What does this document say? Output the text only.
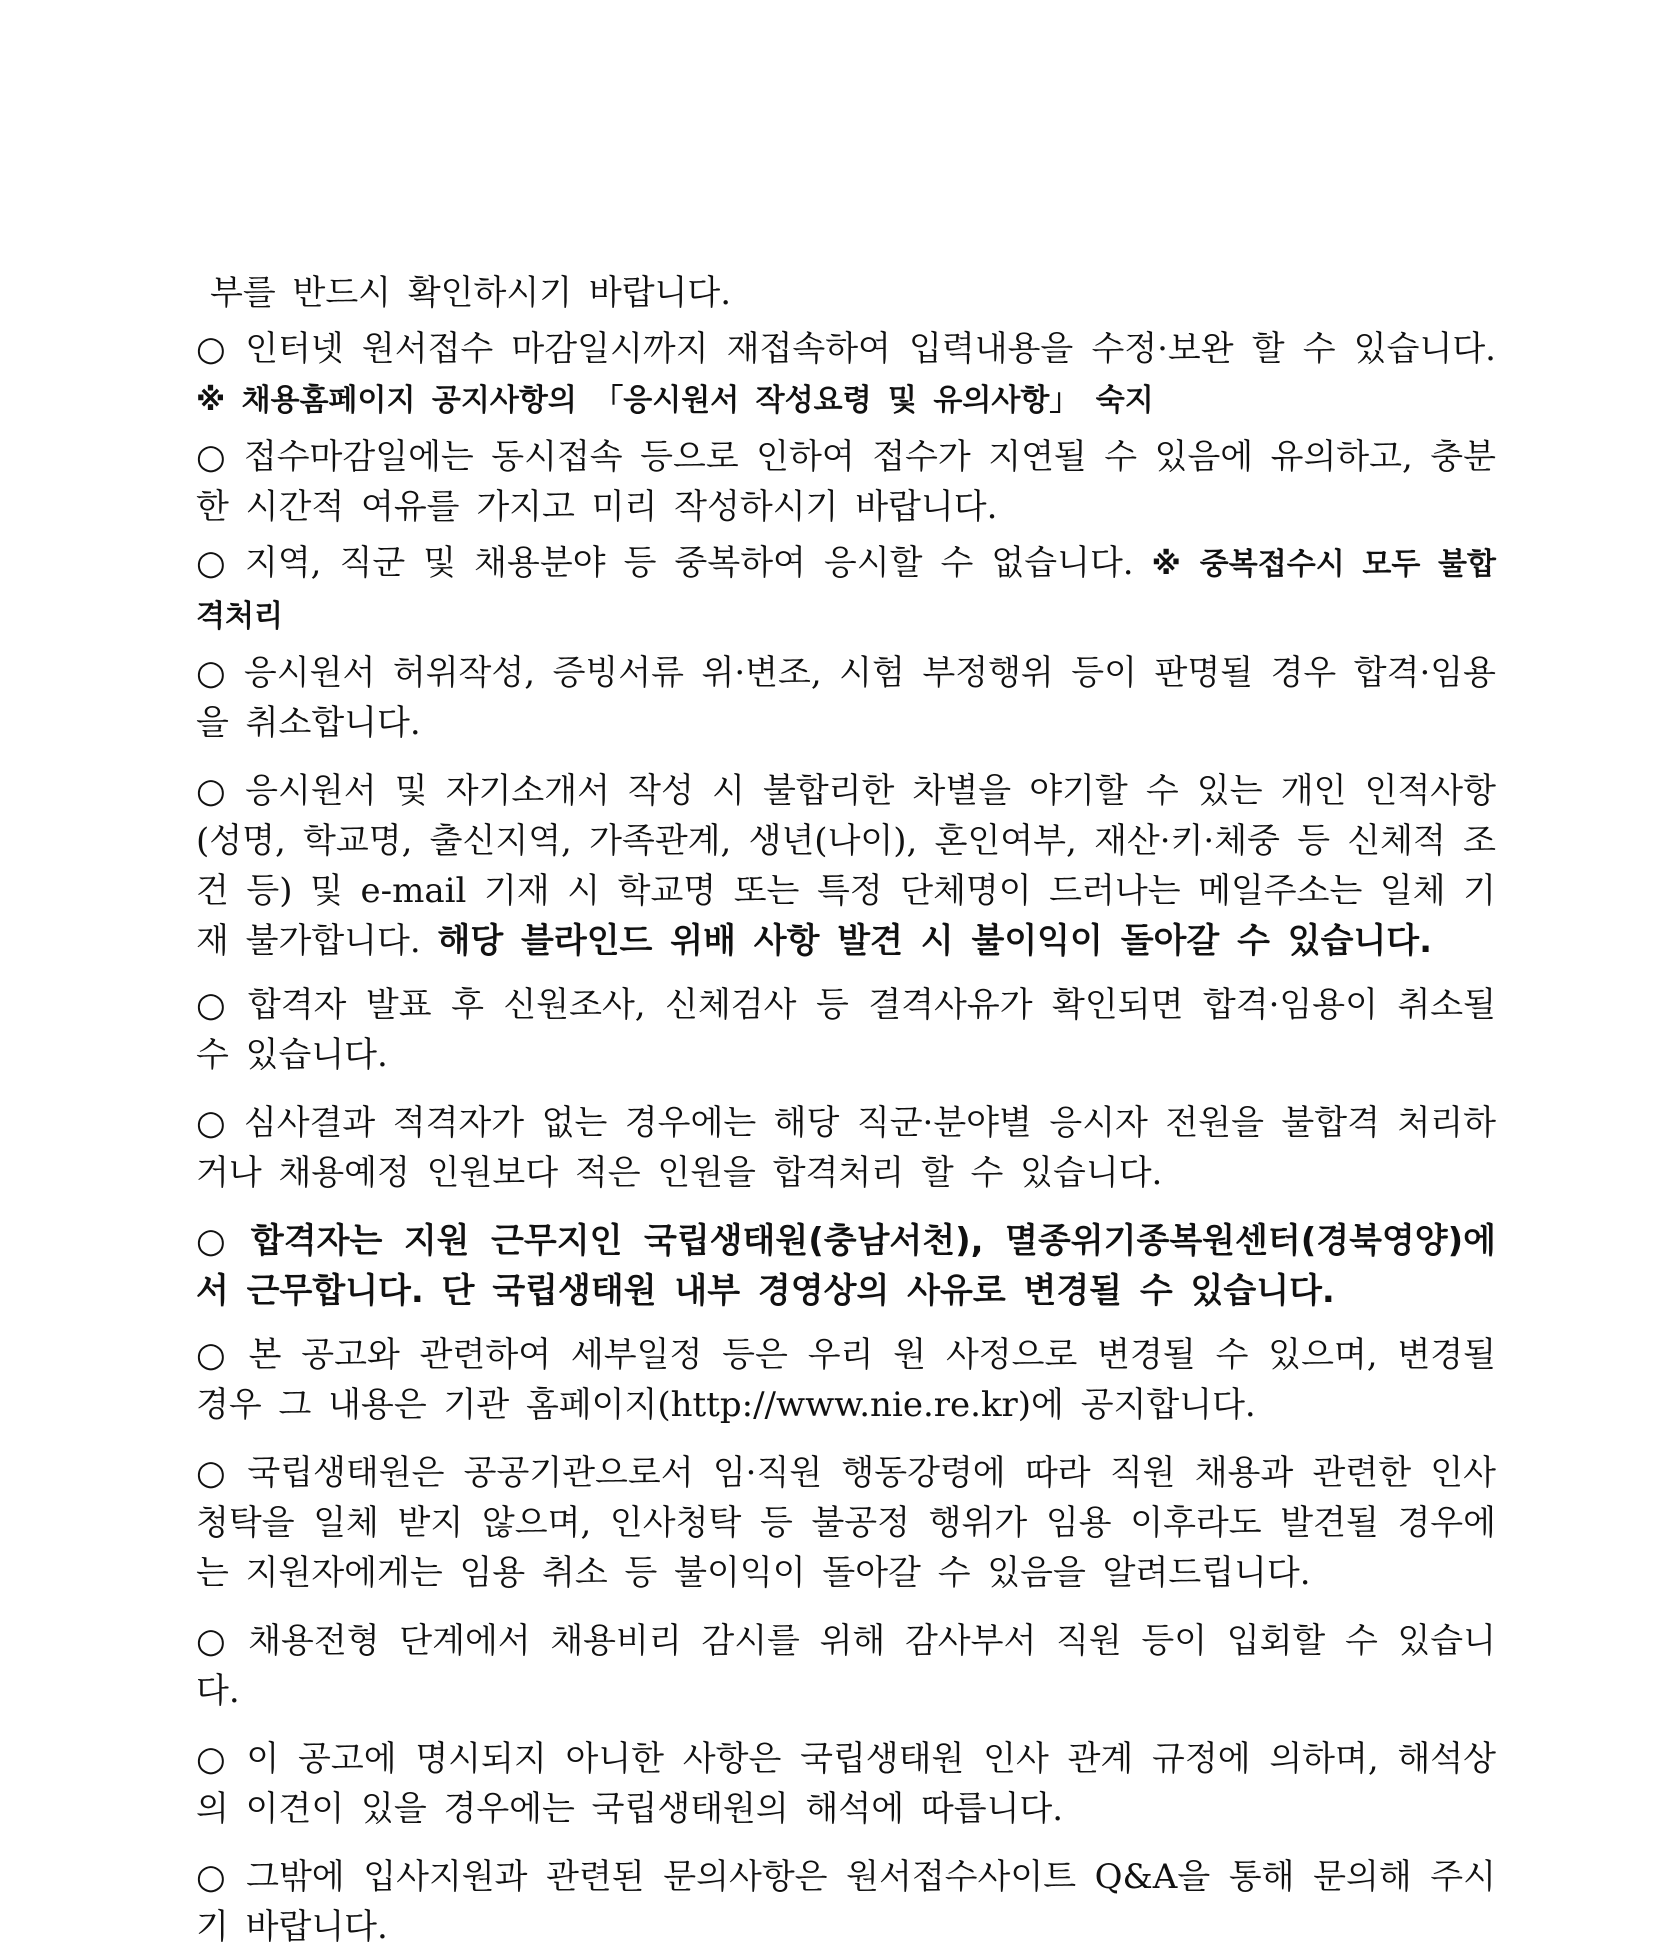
부를 반드시 확인하시기 바랍니다.

○ 인터넷 원서접수 마감일시까지 재접속하여 입력내용을 수정·보완 할 수 있습니다. ※ 채용홈페이지 공지사항의 「응시원서 작성요령 및 유의사항」 숙지

○ 접수마감일에는 동시접속 등으로 인하여 접수가 지연될 수 있음에 유의하고, 충분한 시간적 여유를 가지고 미리 작성하시기 바랍니다.

○ 지역, 직군 및 채용분야 등 중복하여 응시할 수 없습니다. ※ 중복접수시 모두 불합격처리

○ 응시원서 허위작성, 증빙서류 위·변조, 시험 부정행위 등이 판명될 경우 합격·임용을 취소합니다.

○ 응시원서 및 자기소개서 작성 시 불합리한 차별을 야기할 수 있는 개인 인적사항(성명, 학교명, 출신지역, 가족관계, 생년(나이), 혼인여부, 재산·키·체중 등 신체적 조건 등) 및 e-mail 기재 시 학교명 또는 특정 단체명이 드러나는 메일주소는 일체 기재 불가합니다. 해당 블라인드 위배 사항 발견 시 불이익이 돌아갈 수 있습니다.

○ 합격자 발표 후 신원조사, 신체검사 등 결격사유가 확인되면 합격·임용이 취소될 수 있습니다.

○ 심사결과 적격자가 없는 경우에는 해당 직군·분야별 응시자 전원을 불합격 처리하거나 채용예정 인원보다 적은 인원을 합격처리 할 수 있습니다.

○ 합격자는 지원 근무지인 국립생태원(충남서천), 멸종위기종복원센터(경북영양)에서 근무합니다. 단 국립생태원 내부 경영상의 사유로 변경될 수 있습니다.

○ 본 공고와 관련하여 세부일정 등은 우리 원 사정으로 변경될 수 있으며, 변경될 경우 그 내용은 기관 홈페이지(http://www.nie.re.kr)에 공지합니다.

○ 국립생태원은 공공기관으로서 임·직원 행동강령에 따라 직원 채용과 관련한 인사청탁을 일체 받지 않으며, 인사청탁 등 불공정 행위가 임용 이후라도 발견될 경우에는 지원자에게는 임용 취소 등 불이익이 돌아갈 수 있음을 알려드립니다.

○ 채용전형 단계에서 채용비리 감시를 위해 감사부서 직원 등이 입회할 수 있습니다.

○ 이 공고에 명시되지 아니한 사항은 국립생태원 인사 관계 규정에 의하며, 해석상의 이견이 있을 경우에는 국립생태원의 해석에 따릅니다.

○ 그밖에 입사지원과 관련된 문의사항은 원서접수사이트 Q&A을 통해 문의해 주시기 바랍니다.
